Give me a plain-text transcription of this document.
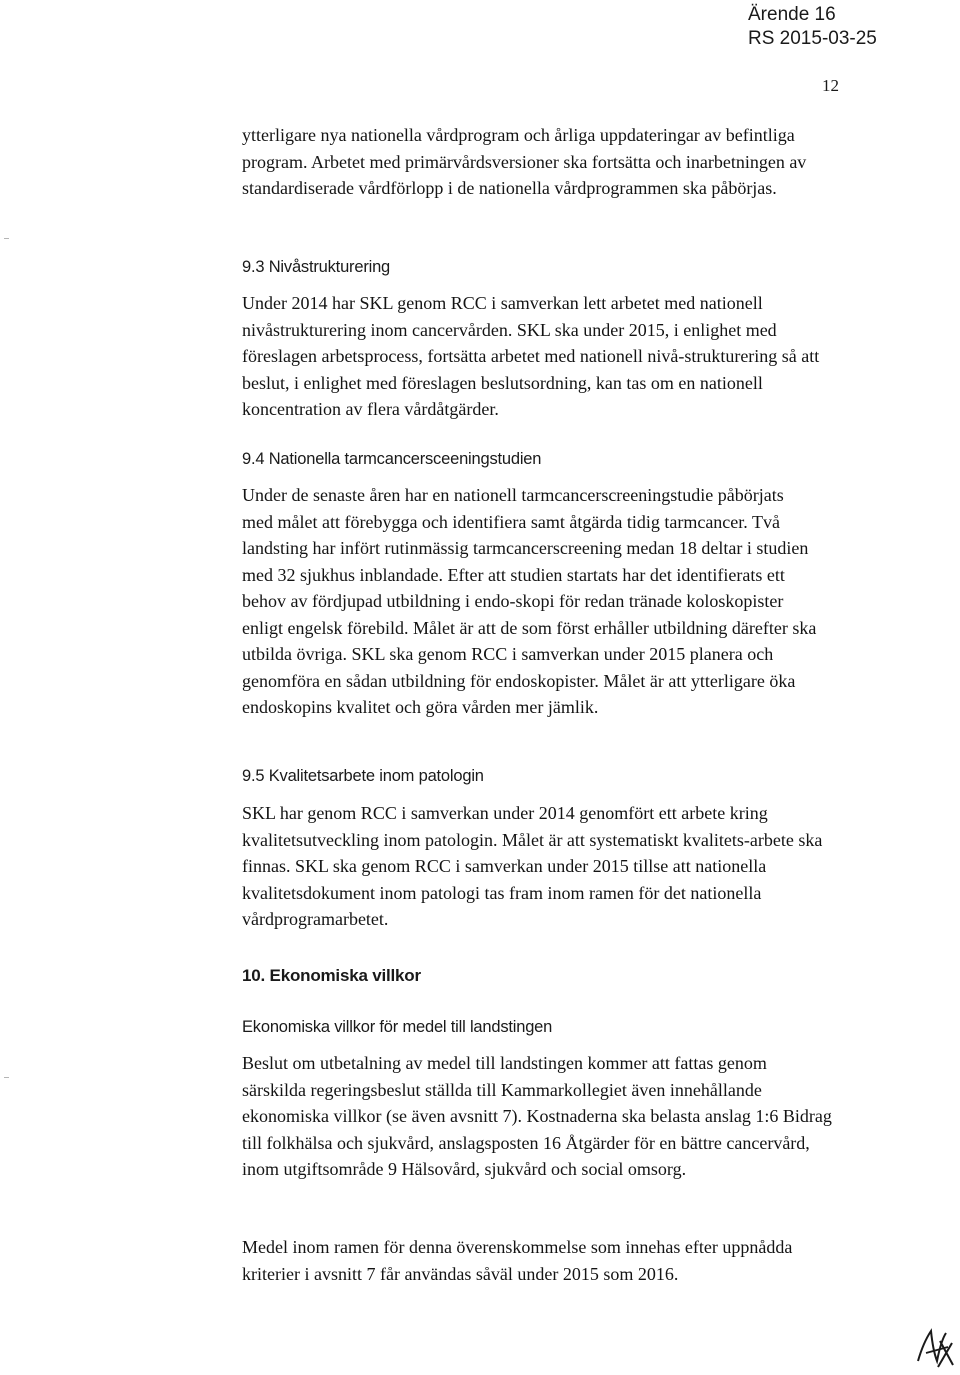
Ärende 16
RS 2015-03-25
12

ytterligare nya nationella vårdprogram och årliga uppdateringar av befintliga program. Arbetet med primärvårdsversioner ska fortsätta och inarbetningen av standardiserade vårdförlopp i de nationella vårdprogrammen ska påbörjas.

9.3 Nivåstrukturering

Under 2014 har SKL genom RCC i samverkan lett arbetet med nationell nivåstrukturering inom cancervården. SKL ska under 2015, i enlighet med föreslagen arbetsprocess, fortsätta arbetet med nationell nivå-strukturering så att beslut, i enlighet med föreslagen beslutsordning, kan tas om en nationell koncentration av flera vårdåtgärder.

9.4 Nationella tarmcancersceeningstudien

Under de senaste åren har en nationell tarmcancerscreeningstudie påbörjats med målet att förebygga och identifiera samt åtgärda tidig tarmcancer. Två landsting har infört rutinmässig tarmcancerscreening medan 18 deltar i studien med 32 sjukhus inblandade. Efter att studien startats har det identifierats ett behov av fördjupad utbildning i endo-skopi för redan tränade koloskopister enligt engelsk förebild. Målet är att de som först erhåller utbildning därefter ska utbilda övriga. SKL ska genom RCC i samverkan under 2015 planera och genomföra en sådan utbildning för endoskopister. Målet är att ytterligare öka endoskopins kvalitet och göra vården mer jämlik.

9.5 Kvalitetsarbete inom patologin

SKL har genom RCC i samverkan under 2014 genomfört ett arbete kring kvalitetsutveckling inom patologin. Målet är att systematiskt kvalitets-arbete ska finnas. SKL ska genom RCC i samverkan under 2015 tillse att nationella kvalitetsdokument inom patologi tas fram inom ramen för det nationella vårdprogramarbetet.

10. Ekonomiska villkor
Ekonomiska villkor för medel till landstingen

Beslut om utbetalning av medel till landstingen kommer att fattas genom särskilda regeringsbeslut ställda till Kammarkollegiet även innehållande ekonomiska villkor (se även avsnitt 7). Kostnaderna ska belasta anslag 1:6 Bidrag till folkhälsa och sjukvård, anslagsposten 16 Åtgärder för en bättre cancervård, inom utgiftsområde 9 Hälsovård, sjukvård och social omsorg.

Medel inom ramen för denna överenskommelse som innehas efter uppnådda kriterier i avsnitt 7 får användas såväl under 2015 som 2016.
